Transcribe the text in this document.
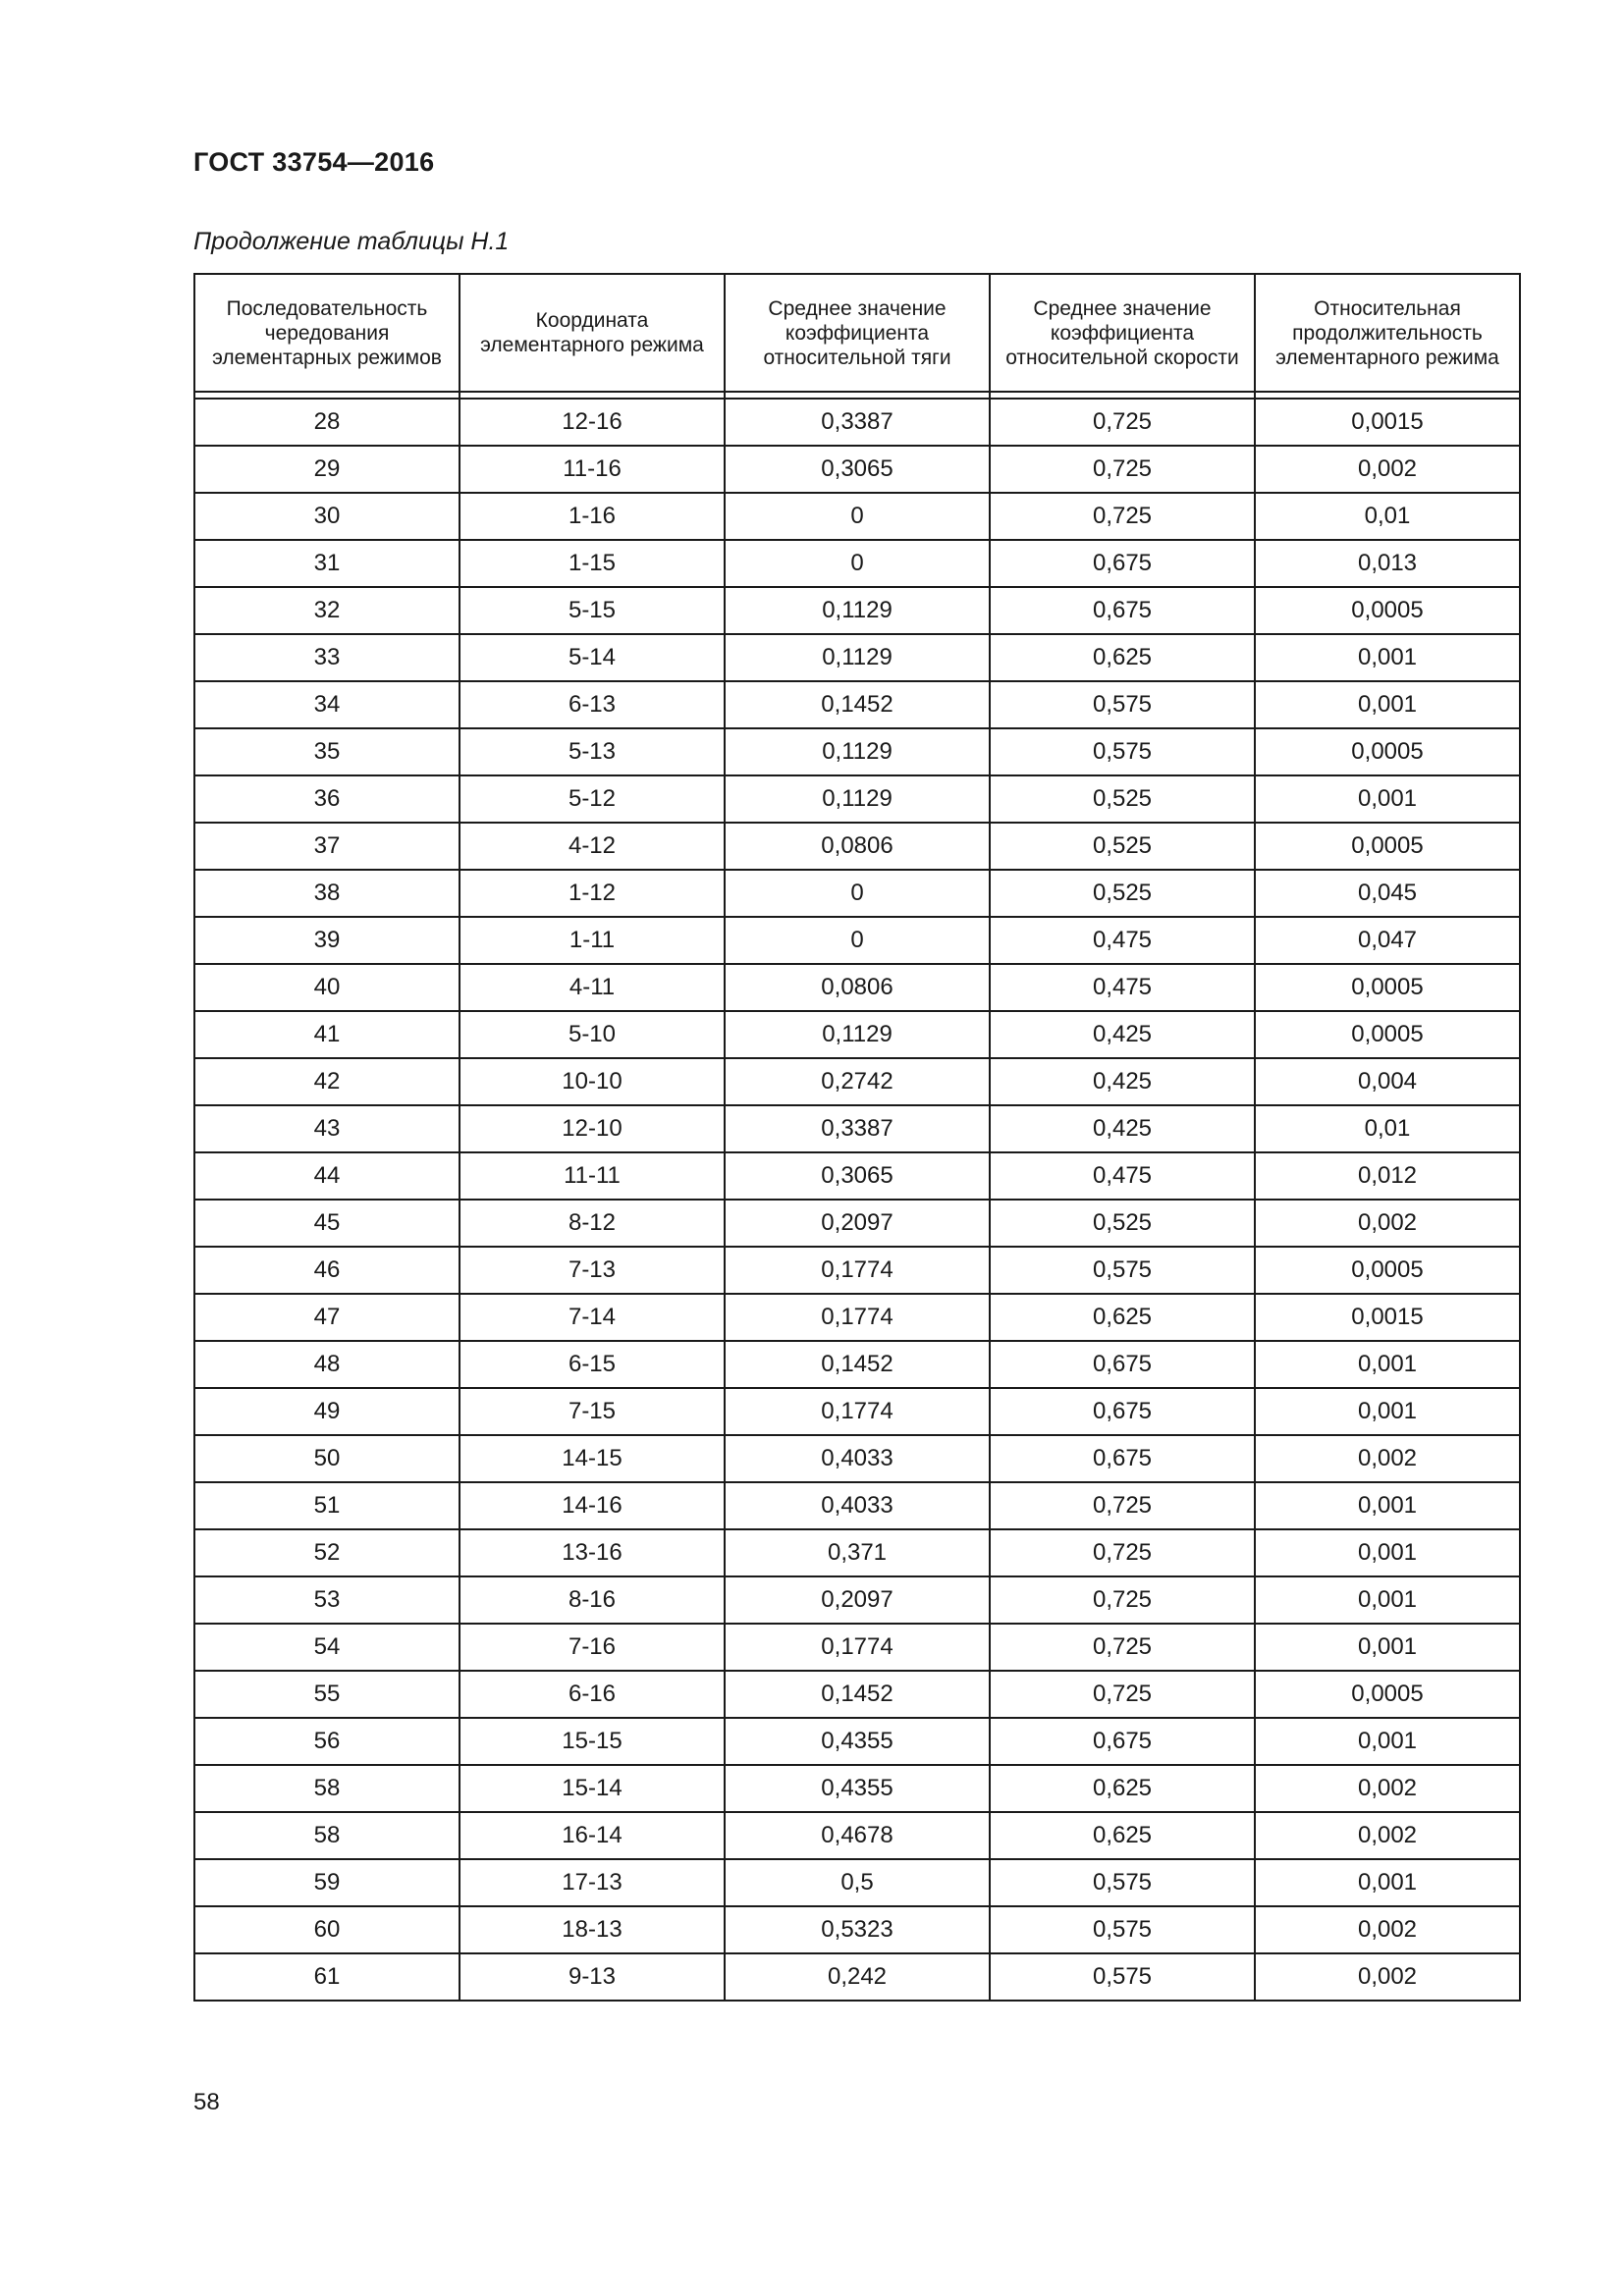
ГОСТ 33754—2016
Продолжение таблицы Н.1
Последовательность чередования элементарных режимов	Координата элементарного режима	Среднее значение коэффициента относительной тяги	Среднее значение коэффициента относительной скорости	Относительная продолжительность элементарного режима

28	12-16	0,3387	0,725	0,0015
29	11-16	0,3065	0,725	0,002
30	1-16	0	0,725	0,01
31	1-15	0	0,675	0,013
32	5-15	0,1129	0,675	0,0005
33	5-14	0,1129	0,625	0,001
34	6-13	0,1452	0,575	0,001
35	5-13	0,1129	0,575	0,0005
36	5-12	0,1129	0,525	0,001
37	4-12	0,0806	0,525	0,0005
38	1-12	0	0,525	0,045
39	1-11	0	0,475	0,047
40	4-11	0,0806	0,475	0,0005
41	5-10	0,1129	0,425	0,0005
42	10-10	0,2742	0,425	0,004
43	12-10	0,3387	0,425	0,01
44	11-11	0,3065	0,475	0,012
45	8-12	0,2097	0,525	0,002
46	7-13	0,1774	0,575	0,0005
47	7-14	0,1774	0,625	0,0015
48	6-15	0,1452	0,675	0,001
49	7-15	0,1774	0,675	0,001
50	14-15	0,4033	0,675	0,002
51	14-16	0,4033	0,725	0,001
52	13-16	0,371	0,725	0,001
53	8-16	0,2097	0,725	0,001
54	7-16	0,1774	0,725	0,001
55	6-16	0,1452	0,725	0,0005
56	15-15	0,4355	0,675	0,001
58	15-14	0,4355	0,625	0,002
58	16-14	0,4678	0,625	0,002
59	17-13	0,5	0,575	0,001
60	18-13	0,5323	0,575	0,002
61	9-13	0,242	0,575	0,002
58
